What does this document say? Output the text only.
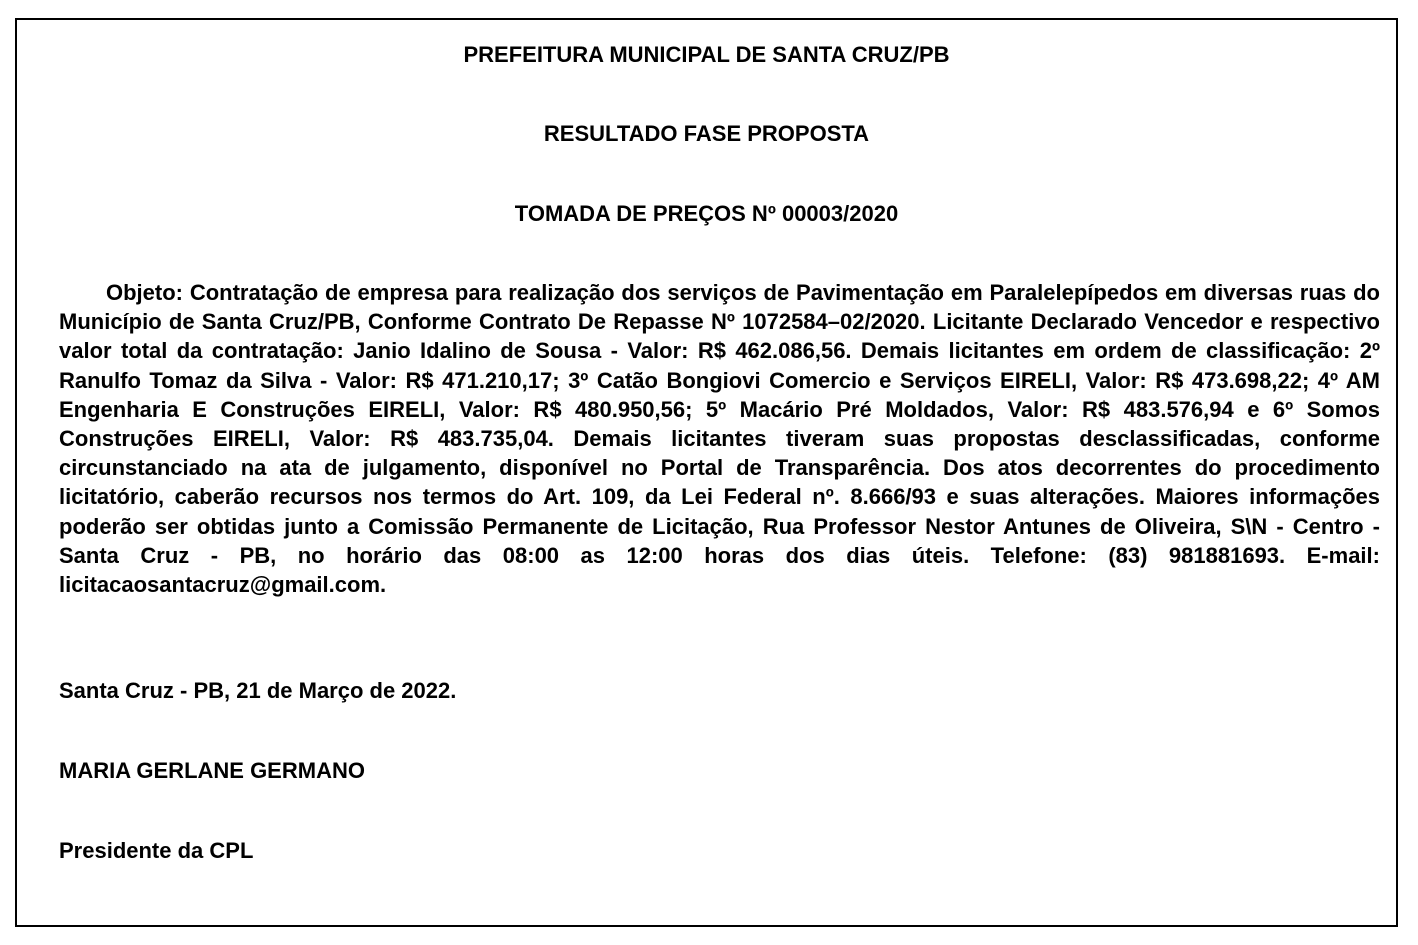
PREFEITURA MUNICIPAL DE SANTA CRUZ/PB

RESULTADO FASE PROPOSTA

TOMADA DE PREÇOS Nº 00003/2020

Objeto: Contratação de empresa para realização dos serviços de Pavimentação em Paralelepípedos em diversas ruas do Município de Santa Cruz/PB, Conforme Contrato De Repasse Nº 1072584–02/2020. Licitante Declarado Vencedor e respectivo valor total da contratação: Janio Idalino de Sousa - Valor: R$ 462.086,56. Demais licitantes em ordem de classificação: 2º Ranulfo Tomaz da Silva - Valor: R$ 471.210,17; 3º Catão Bongiovi Comercio e Serviços EIRELI, Valor: R$ 473.698,22; 4º AM Engenharia E Construções EIRELI, Valor: R$ 480.950,56; 5º Macário Pré Moldados, Valor: R$ 483.576,94 e 6º Somos Construções EIRELI, Valor: R$ 483.735,04. Demais licitantes tiveram suas propostas desclassificadas, conforme circunstanciado na ata de julgamento, disponível no Portal de Transparência. Dos atos decorrentes do procedimento licitatório, caberão recursos nos termos do Art. 109, da Lei Federal nº. 8.666/93 e suas alterações. Maiores informações poderão ser obtidas junto a Comissão Permanente de Licitação, Rua Professor Nestor Antunes de Oliveira, S\N - Centro - Santa Cruz - PB, no horário das 08:00 as 12:00 horas dos dias úteis. Telefone: (83) 981881693. E-mail: licitacaosantacruz@gmail.com.

Santa Cruz - PB, 21 de Março de 2022.

MARIA GERLANE GERMANO

Presidente da CPL
